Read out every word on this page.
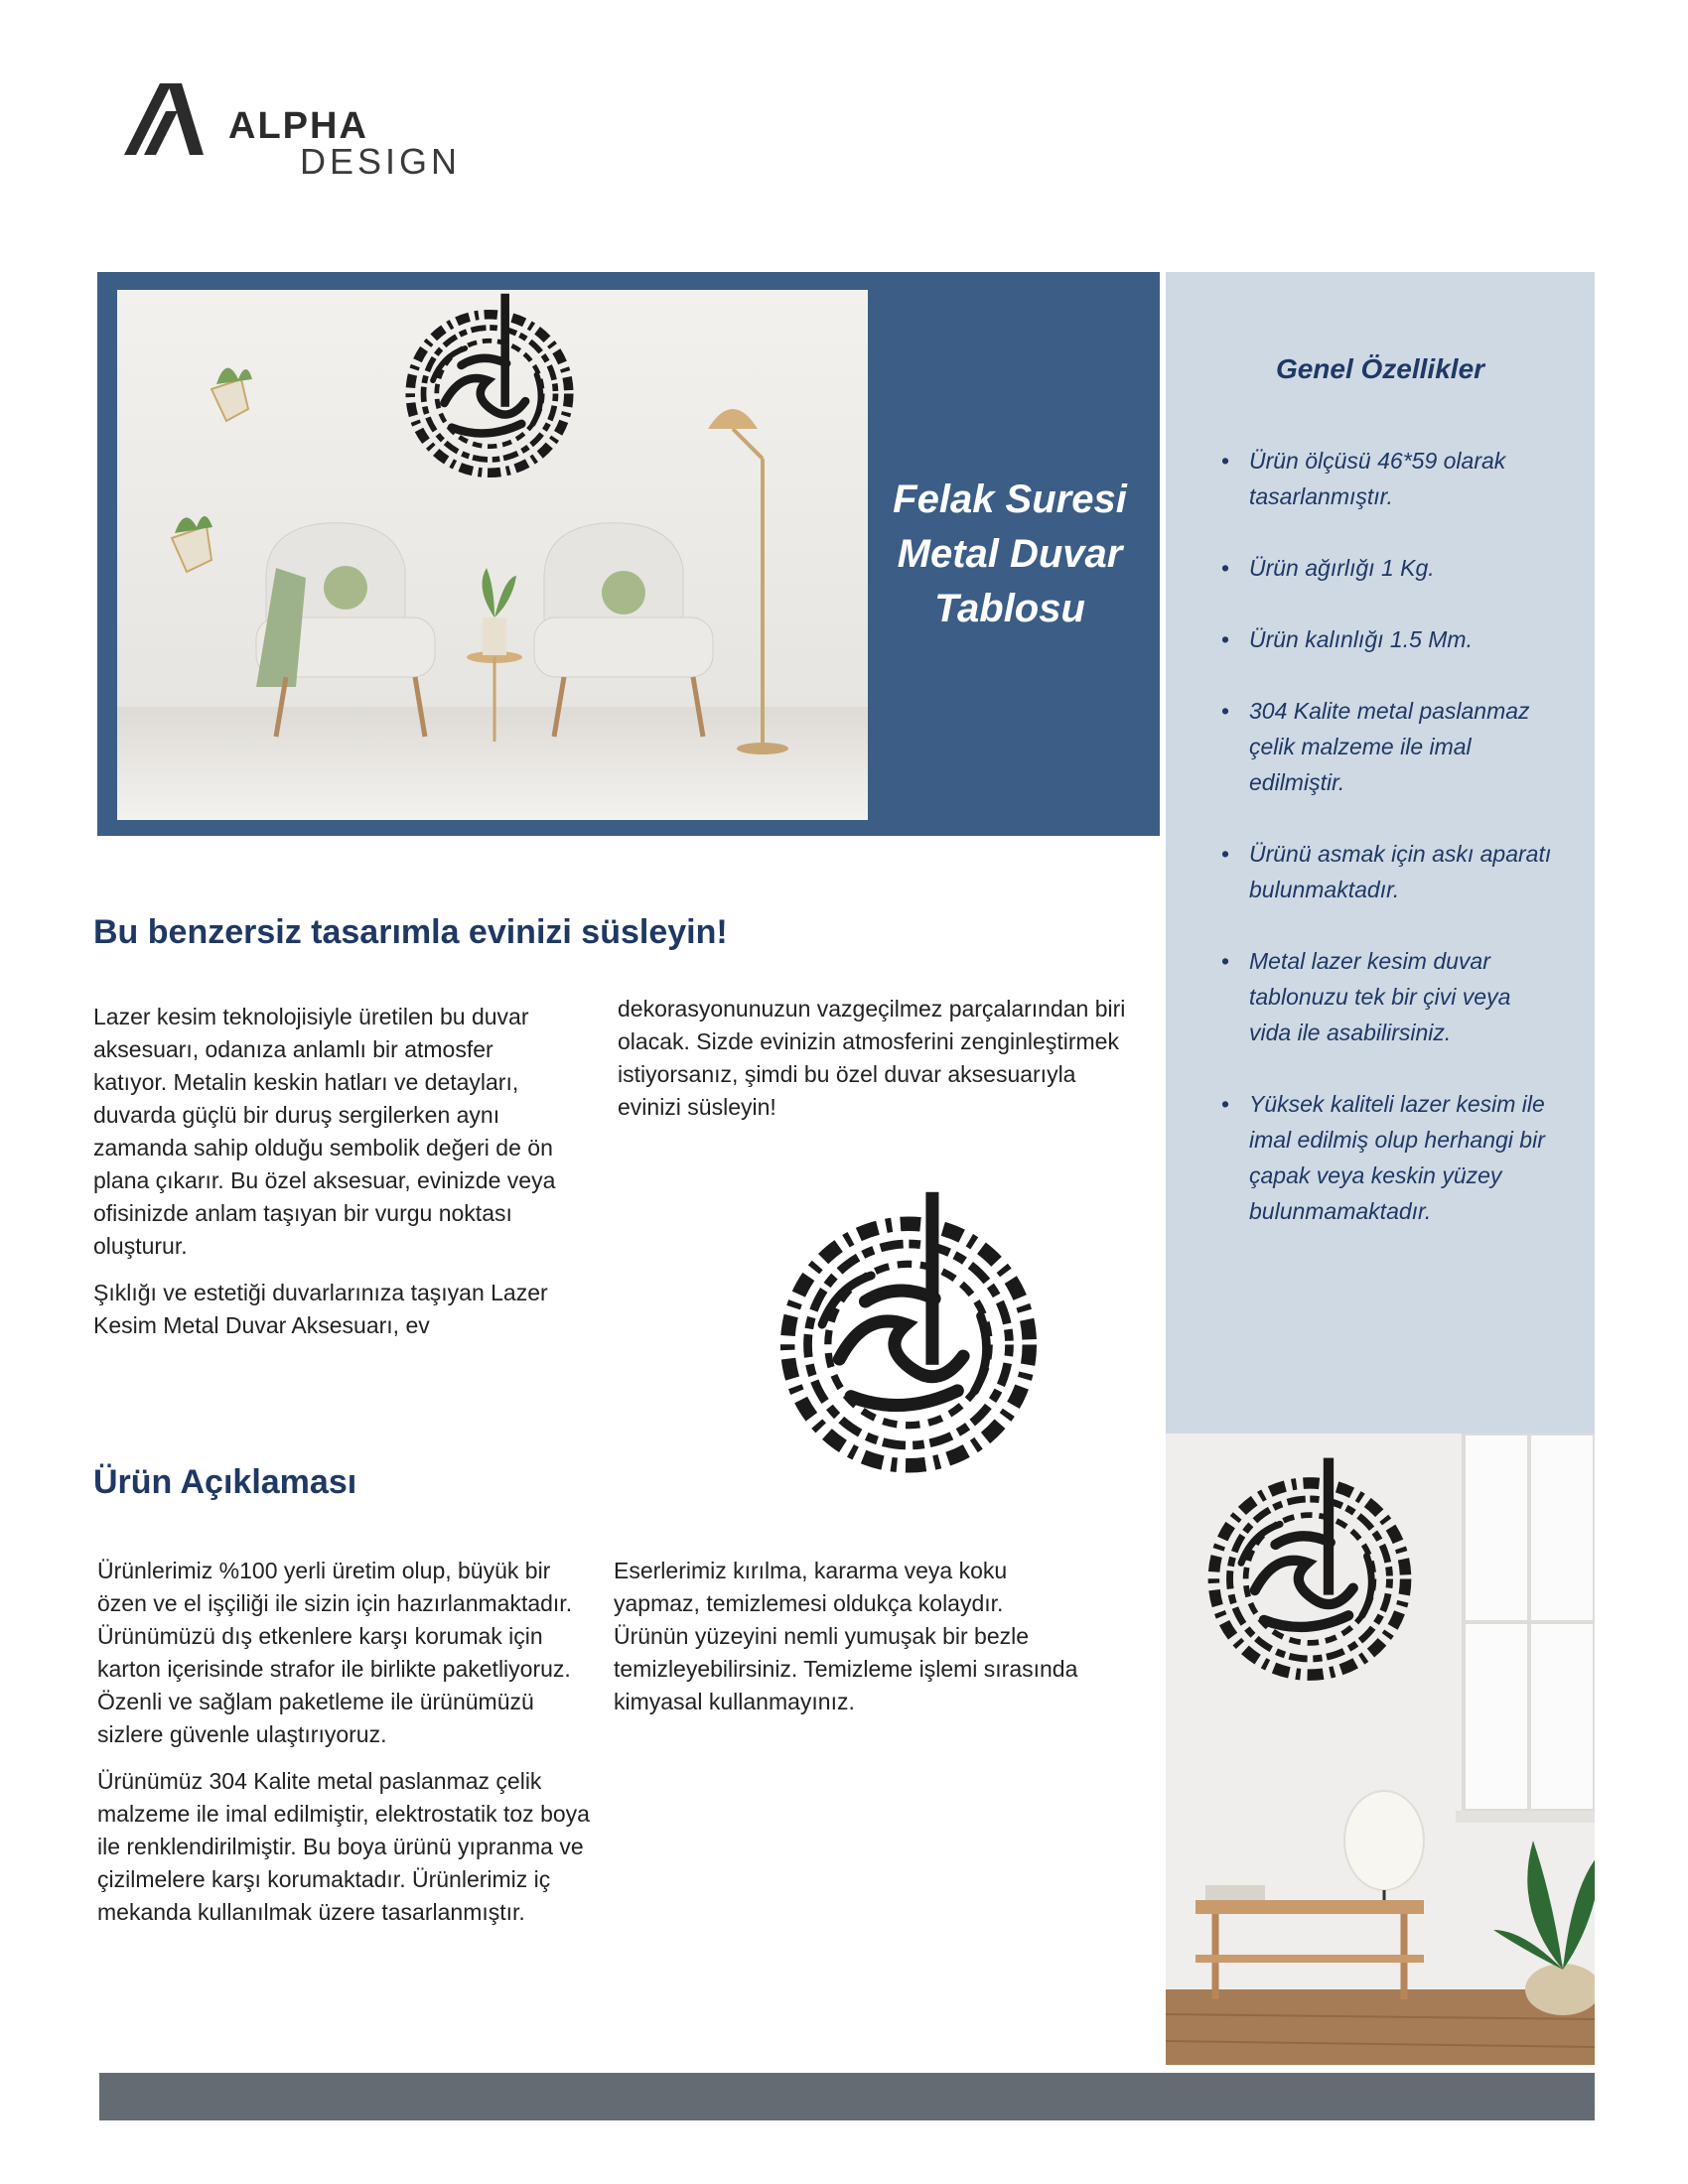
ALPHA
DESIGN
Felak Suresi Metal Duvar Tablosu
Genel Özellikler
• Ürün ölçüsü 46*59 olarak tasarlanmıştır.
• Ürün ağırlığı 1 Kg.
• Ürün kalınlığı 1.5 Mm.
• 304 Kalite metal paslanmaz çelik malzeme ile imal edilmiştir.
• Ürünü asmak için askı aparatı bulunmaktadır.
• Metal lazer kesim duvar tablonuzu tek bir çivi veya vida ile asabilirsiniz.
• Yüksek kaliteli lazer kesim ile imal edilmiş olup herhangi bir çapak veya keskin yüzey bulunmamaktadır.
Bu benzersiz tasarımla evinizi süsleyin!

Lazer kesim teknolojisiyle üretilen bu duvar aksesuarı, odanıza anlamlı bir atmosfer katıyor. Metalin keskin hatları ve detayları, duvarda güçlü bir duruş sergilerken aynı zamanda sahip olduğu sembolik değeri de ön plana çıkarır. Bu özel aksesuar, evinizde veya ofisinizde anlam taşıyan bir vurgu noktası oluşturur.

Şıklığı ve estetiği duvarlarınıza taşıyan Lazer Kesim Metal Duvar Aksesuarı, ev

dekorasyonunuzun vazgeçilmez parçalarından biri olacak. Sizde evinizin atmosferini zenginleştirmek istiyorsanız, şimdi bu özel duvar aksesuarıyla evinizi süsleyin!

Ürün Açıklaması

Ürünlerimiz %100 yerli üretim olup, büyük bir özen ve el işçiliği ile sizin için hazırlanmaktadır. Ürünümüzü dış etkenlere karşı korumak için karton içerisinde strafor ile birlikte paketliyoruz. Özenli ve sağlam paketleme ile ürünümüzü sizlere güvenle ulaştırıyoruz.

Ürünümüz 304 Kalite metal paslanmaz çelik malzeme ile imal edilmiştir, elektrostatik toz boya ile renklendirilmiştir. Bu boya ürünü yıpranma ve çizilmelere karşı korumaktadır. Ürünlerimiz iç mekanda kullanılmak üzere tasarlanmıştır.

Eserlerimiz kırılma, kararma veya koku yapmaz, temizlemesi oldukça kolaydır. Ürünün yüzeyini nemli yumuşak bir bezle temizleyebilirsiniz. Temizleme işlemi sırasında kimyasal kullanmayınız.
